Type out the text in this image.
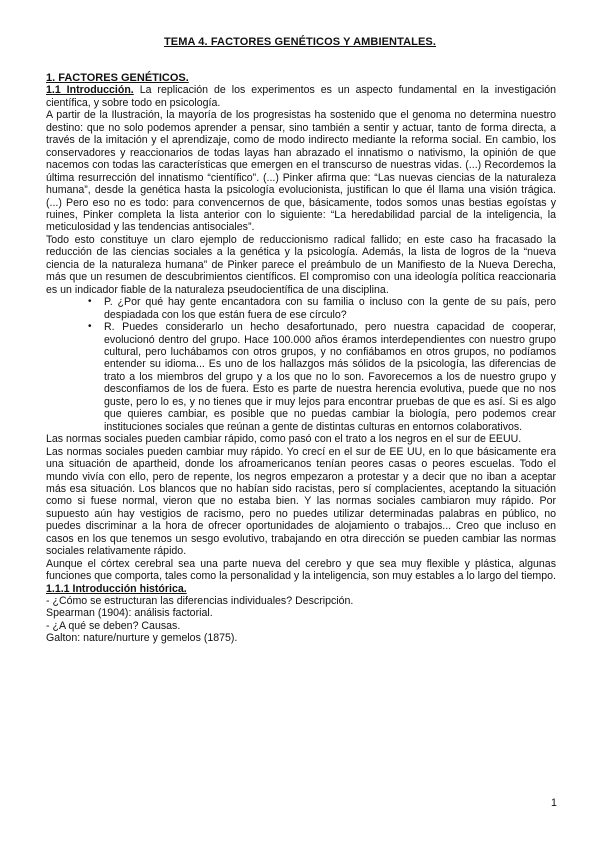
TEMA 4. FACTORES GENÉTICOS Y AMBIENTALES.

1. FACTORES GENÉTICOS.

1.1 Introducción. La replicación de los experimentos es un aspecto fundamental en la investigación científica, y sobre todo en psicología.

A partir de la Ilustración, la mayoría de los progresistas ha sostenido que el genoma no determina nuestro destino: que no solo podemos aprender a pensar, sino también a sentir y actuar, tanto de forma directa, a través de la imitación y el aprendizaje, como de modo indirecto mediante la reforma social. En cambio, los conservadores y reaccionarios de todas layas han abrazado el innatismo o nativismo, la opinión de que nacemos con todas las características que emergen en el transcurso de nuestras vidas. (...) Recordemos la última resurrección del innatismo “científico”. (...) Pinker afirma que: “Las nuevas ciencias de la naturaleza humana”, desde la genética hasta la psicología evolucionista, justifican lo que él llama una visión trágica. (...) Pero eso no es todo: para convencernos de que, básicamente, todos somos unas bestias egoístas y ruines, Pinker completa la lista anterior con lo siguiente: “La heredabilidad parcial de la inteligencia, la meticulosidad y las tendencias antisociales”.

Todo esto constituye un claro ejemplo de reduccionismo radical fallido; en este caso ha fracasado la reducción de las ciencias sociales a la genética y la psicología. Además, la lista de logros de la “nueva ciencia de la naturaleza humana” de Pinker parece el preámbulo de un Manifiesto de la Nueva Derecha, más que un resumen de descubrimientos científicos. El compromiso con una ideología política reaccionaria es un indicador fiable de la naturaleza pseudocientífica de una disciplina.

• P. ¿Por qué hay gente encantadora con su familia o incluso con la gente de su país, pero despiadada con los que están fuera de ese círculo?
• R. Puedes considerarlo un hecho desafortunado, pero nuestra capacidad de cooperar, evolucionó dentro del grupo. Hace 100.000 años éramos interdependientes con nuestro grupo cultural, pero luchábamos con otros grupos, y no confiábamos en otros grupos, no podíamos entender su idioma... Es uno de los hallazgos más sólidos de la psicología, las diferencias de trato a los miembros del grupo y a los que no lo son. Favorecemos a los de nuestro grupo y desconfiamos de los de fuera. Esto es parte de nuestra herencia evolutiva, puede que no nos guste, pero lo es, y no tienes que ir muy lejos para encontrar pruebas de que es así. Si es algo que quieres cambiar, es posible que no puedas cambiar la biología, pero podemos crear instituciones sociales que reúnan a gente de distintas culturas en entornos colaborativos.

Las normas sociales pueden cambiar rápido, como pasó con el trato a los negros en el sur de EEUU.

Las normas sociales pueden cambiar muy rápido. Yo crecí en el sur de EE UU, en lo que básicamente era una situación de apartheid, donde los afroamericanos tenían peores casas o peores escuelas. Todo el mundo vivía con ello, pero de repente, los negros empezaron a protestar y a decir que no iban a aceptar más esa situación. Los blancos que no habían sido racistas, pero sí complacientes, aceptando la situación como si fuese normal, vieron que no estaba bien. Y las normas sociales cambiaron muy rápido. Por supuesto aún hay vestigios de racismo, pero no puedes utilizar determinadas palabras en público, no puedes discriminar a la hora de ofrecer oportunidades de alojamiento o trabajos... Creo que incluso en casos en los que tenemos un sesgo evolutivo, trabajando en otra dirección se pueden cambiar las normas sociales relativamente rápido.

Aunque el córtex cerebral sea una parte nueva del cerebro y que sea muy flexible y plástica, algunas funciones que comporta, tales como la personalidad y la inteligencia, son muy estables a lo largo del tiempo.

1.1.1 Introducción histórica.

- ¿Cómo se estructuran las diferencias individuales? Descripción.

Spearman (1904): análisis factorial.

- ¿A qué se deben? Causas.

Galton: nature/nurture y gemelos (1875).

1
